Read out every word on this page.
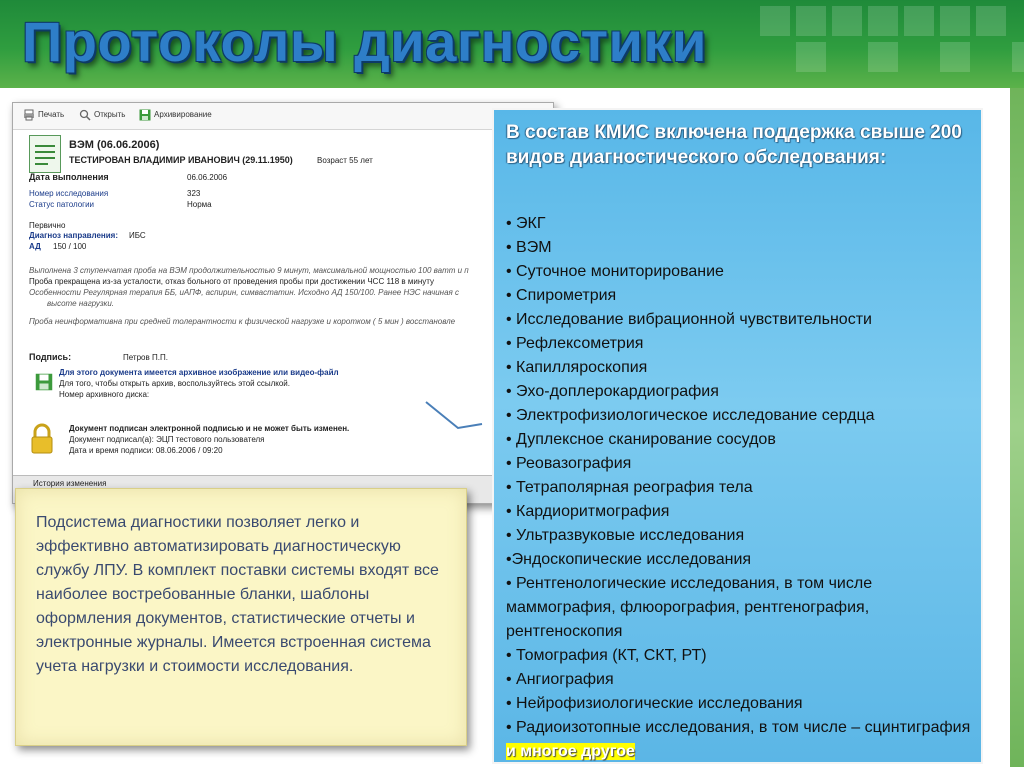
Протоколы диагностики
Печать	Открыть	Архивирование
ВЭМ (06.06.2006)
ТЕСТИРОВАН ВЛАДИМИР ИВАНОВИЧ (29.11.1950)	Возраст 55 лет
Дата выполнения	06.06.2006
Номер исследования	323
Статус патологии	Норма
Первично
Диагноз направления: ИБС
АД 150 / 100
Выполнена 3 ступенчатая проба на ВЭМ продолжительностью 9 минут, максимальной мощностью 100 ватт и п
Проба прекращена из-за усталости, отказ больного от проведения пробы при достижении ЧСС 118 в минуту
Особенности Регулярная терапия ББ, иАПФ, аспирин, симвастатин. Исходно АД 150/100. Ранее НЭС начиная с
высоте нагрузки.
Проба неинформативна при средней толерантности к физической нагрузке и коротком ( 5 мин ) восстановле
Подпись:	Петров П.П.
Для этого документа имеется архивное изображение или видео-файл
Для того, чтобы открыть архив, воспользуйтесь этой ссылкой.
Номер архивного диска:
Документ подписан электронной подписью и не может быть изменен.
Документ подписал(а): ЭЦП тестового пользователя
Дата и время подписи: 08.06.2006 / 09:20
История изменения
В состав КМИС включена поддержка свыше 200 видов диагностического обследования:
• ЭКГ
• ВЭМ
• Суточное мониторирование
• Спирометрия
• Исследование вибрационной чувствительности
• Рефлексометрия
• Капилляроскопия
• Эхо-доплерокардиография
• Электрофизиологическое исследование сердца
• Дуплексное сканирование сосудов
• Реовазография
• Тетраполярная реография тела
• Кардиоритмография
• Ультразвуковые исследования
•Эндоскопические исследования
• Рентгенологические исследования, в том числе маммография, флюорография, рентгенография, рентгеноскопия
• Томография (КТ, СКТ, РТ)
• Ангиография
• Нейрофизиологические исследования
• Радиоизотопные исследования, в том числе – сцинтиграфия и многое другое

Подсистема диагностики позволяет легко и эффективно автоматизировать диагностическую службу ЛПУ. В комплект поставки системы входят все наиболее востребованные бланки, шаблоны оформления документов, статистические отчеты и электронные журналы. Имеется встроенная система учета нагрузки и стоимости исследования.
